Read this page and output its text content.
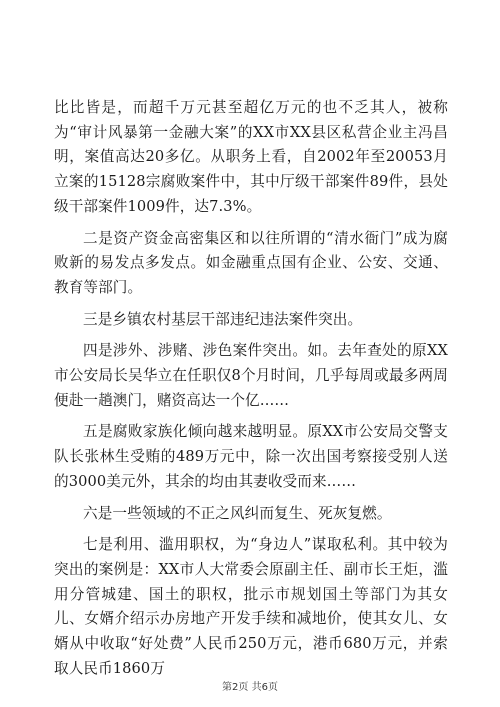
比比皆是，而超千万元甚至超亿万元的也不乏其人，被称为“审计风暴第一金融大案”的XX市XX县区私营企业主冯昌明，案值高达20多亿。从职务上看，自2002年至20053月立案的15128宗腐败案件中，其中厅级干部案件89件，县处级干部案件1009件，达7.3%。

二是资产资金高密集区和以往所谓的“清水衙门”成为腐败新的易发点多发点。如金融重点国有企业、公安、交通、教育等部门。

三是乡镇农村基层干部违纪违法案件突出。

四是涉外、涉赌、涉色案件突出。如。去年查处的原XX市公安局长吴华立在任职仅8个月时间，几乎每周或最多两周便赴一趟澳门，赌资高达一个亿……

五是腐败家族化倾向越来越明显。原XX市公安局交警支队长张林生受贿的489万元中，除一次出国考察接受别人送的3000美元外，其余的均由其妻收受而来……

六是一些领域的不正之风纠而复生、死灰复燃。

七是利用、滥用职权，为“身边人”谋取私利。其中较为突出的案例是：XX市人大常委会原副主任、副市长王炬，滥用分管城建、国土的职权，批示市规划国土等部门为其女儿、女婿介绍示办房地产开发手续和减地价，使其女儿、女婿从中收取“好处费”人民币250万元，港币680万元，并索取人民币1860万

第2页 共6页
